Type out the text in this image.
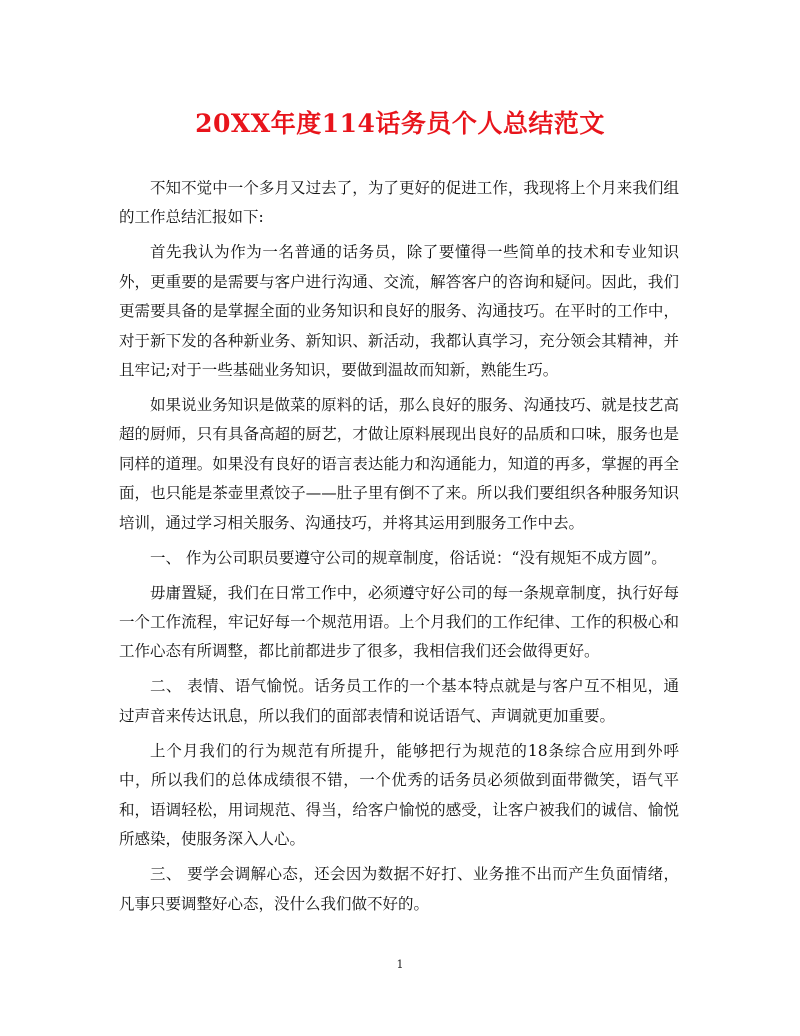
20XX年度114话务员个人总结范文

不知不觉中一个多月又过去了，为了更好的促进工作，我现将上个月来我们组的工作总结汇报如下:

首先我认为作为一名普通的话务员，除了要懂得一些简单的技术和专业知识外，更重要的是需要与客户进行沟通、交流，解答客户的咨询和疑问。因此，我们更需要具备的是掌握全面的业务知识和良好的服务、沟通技巧。在平时的工作中，对于新下发的各种新业务、新知识、新活动，我都认真学习，充分领会其精神，并且牢记;对于一些基础业务知识，要做到温故而知新，熟能生巧。

如果说业务知识是做菜的原料的话，那么良好的服务、沟通技巧、就是技艺高超的厨师，只有具备高超的厨艺，才做让原料展现出良好的品质和口味，服务也是同样的道理。如果没有良好的语言表达能力和沟通能力，知道的再多，掌握的再全面，也只能是茶壶里煮饺子——肚子里有倒不了来。所以我们要组织各种服务知识培训，通过学习相关服务、沟通技巧，并将其运用到服务工作中去。

一、 作为公司职员要遵守公司的规章制度，俗话说：“没有规矩不成方圆”。

毋庸置疑，我们在日常工作中，必须遵守好公司的每一条规章制度，执行好每一个工作流程，牢记好每一个规范用语。上个月我们的工作纪律、工作的积极心和工作心态有所调整，都比前都进步了很多，我相信我们还会做得更好。

二、 表情、语气愉悦。话务员工作的一个基本特点就是与客户互不相见，通过声音来传达讯息，所以我们的面部表情和说话语气、声调就更加重要。

上个月我们的行为规范有所提升，能够把行为规范的18条综合应用到外呼中，所以我们的总体成绩很不错，一个优秀的话务员必须做到面带微笑，语气平和，语调轻松，用词规范、得当，给客户愉悦的感受，让客户被我们的诚信、愉悦所感染，使服务深入人心。

三、 要学会调解心态，还会因为数据不好打、业务推不出而产生负面情绪，凡事只要调整好心态，没什么我们做不好的。

1
